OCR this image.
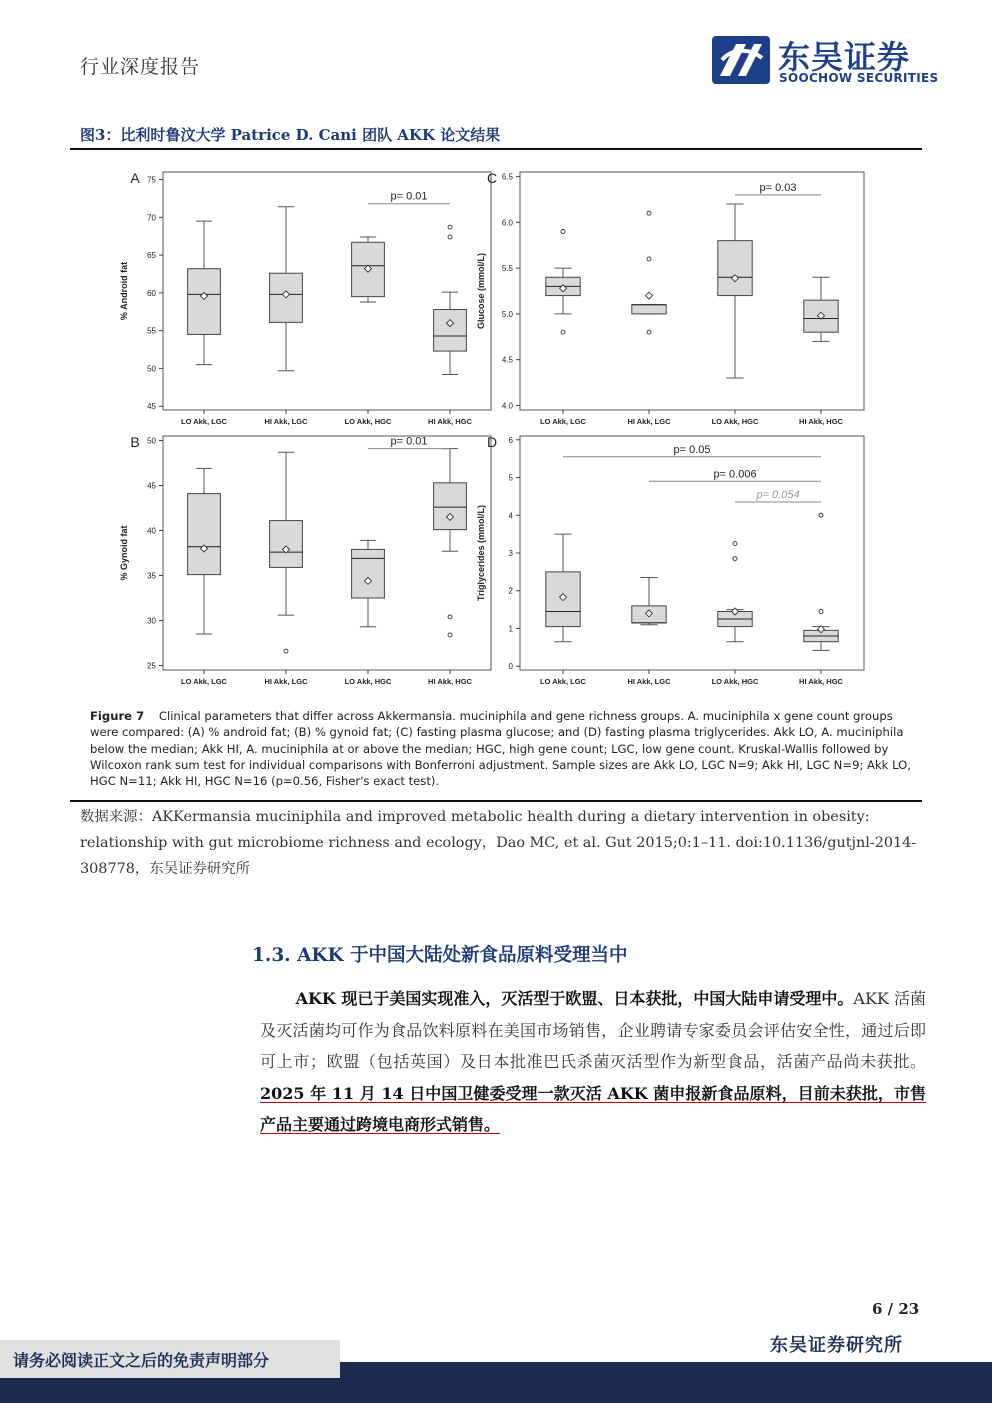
行业深度报告	东吴证券
SOOCHOW SECURITIES
图3：比利时鲁汶大学 Patrice D. Cani 团队 AKK 论文结果
A
45
50
55
60
65
70
75
% Android fat
LO Akk, LGC	HI Akk, LGC	LO Akk, HGC	HI Akk, HGC
p= 0.01
C
4.0
4.5
5.0
5.5
6.0
6.5
Glucose (mmol/L)
LO Akk, LGC	HI Akk, LGC	LO Akk, HGC	HI Akk, HGC
p= 0.03
B
25
30
35
40
45
50
% Gynoid fat
LO Akk, LGC	HI Akk, LGC	LO Akk, HGC	HI Akk, HGC
p= 0.01	D
0
1
2
3
4
5
6
Triglycerides (mmol/L)
LO Akk, LGC	HI Akk, LGC	LO Akk, HGC	HI Akk, HGC
p= 0.05
p= 0.006
p= 0.054
Figure 7 Clinical parameters that differ across Akkermansia. muciniphila and gene richness groups. A. muciniphila x gene count groups were compared: (A) % android fat; (B) % gynoid fat; (C) fasting plasma glucose; and (D) fasting plasma triglycerides. Akk LO, A. muciniphila below the median; Akk HI, A. muciniphila at or above the median; HGC, high gene count; LGC, low gene count. Kruskal-Wallis followed by Wilcoxon rank sum test for individual comparisons with Bonferroni adjustment. Sample sizes are Akk LO, LGC N=9; Akk HI, LGC N=9; Akk LO, HGC N=11; Akk HI, HGC N=16 (p=0.56, Fisher's exact test).
数据来源：AKKermansia muciniphila and improved metabolic health during a dietary intervention in obesity: relationship with gut microbiome richness and ecology，Dao MC, et al. Gut 2015;0:1–11. doi:10.1136/gutjnl-2014-308778，东吴证券研究所
1.3. AKK 于中国大陆处新食品原料受理当中
AKK 现已于美国实现准入，灭活型于欧盟、日本获批，中国大陆申请受理中。AKK 活菌及灭活菌均可作为食品饮料原料在美国市场销售，企业聘请专家委员会评估安全性，通过后即可上市；欧盟（包括英国）及日本批准巴氏杀菌灭活型作为新型食品，活菌产品尚未获批。2025 年 11 月 14 日中国卫健委受理一款灭活 AKK 菌申报新食品原料，目前未获批，市售产品主要通过跨境电商形式销售。
6 / 23
请务必阅读正文之后的免责声明部分
东吴证券研究所
